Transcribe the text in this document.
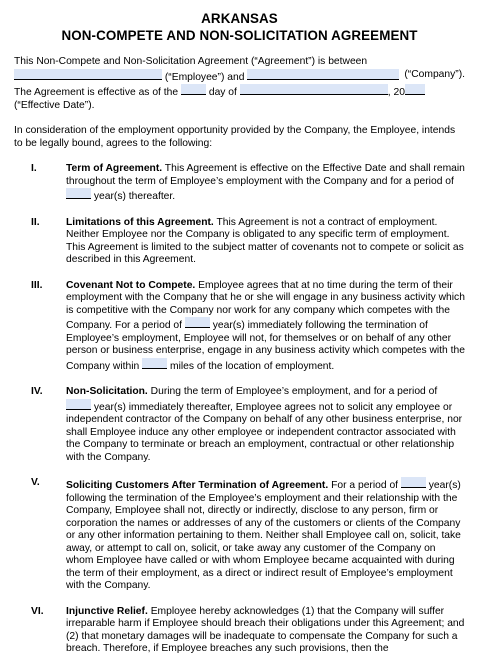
ARKANSAS
NON-COMPETE AND NON-SOLICITATION AGREEMENT

This Non-Compete and Non-Solicitation Agreement (“Agreement”) is between

(“Employee”) and	(“Company”).
The Agreement is effective as of the	day of	, 20

(“Effective Date”).

In consideration of the employment opportunity provided by the Company, the Employee, intends to be legally bound, agrees to the following:

I.	Term of Agreement. This Agreement is effective on the Effective Date and shall remain throughout the term of Employee’s employment with the Company and for a period of  year(s) thereafter.
II.	Limitations of this Agreement. This Agreement is not a contract of employment. Neither Employee nor the Company is obligated to any specific term of employment. This Agreement is limited to the subject matter of covenants not to compete or solicit as described in this Agreement.
III.	Covenant Not to Compete. Employee agrees that at no time during the term of their employment with the Company that he or she will engage in any business activity which is competitive with the Company nor work for any company which competes with the Company. For a period of  year(s) immediately following the termination of Employee’s employment, Employee will not, for themselves or on behalf of any other person or business enterprise, engage in any business activity which competes with the Company within  miles of the location of employment.
IV.	Non-Solicitation. During the term of Employee’s employment, and for a period of  year(s) immediately thereafter, Employee agrees not to solicit any employee or independent contractor of the Company on behalf of any other business enterprise, nor shall Employee induce any other employee or independent contractor associated with the Company to terminate or breach an employment, contractual or other relationship with the Company.
V.	Soliciting Customers After Termination of Agreement. For a period of  year(s) following the termination of the Employee’s employment and their relationship with the Company, Employee shall not, directly or indirectly, disclose to any person, firm or corporation the names or addresses of any of the customers or clients of the Company or any other information pertaining to them. Neither shall Employee call on, solicit, take away, or attempt to call on, solicit, or take away any customer of the Company on whom Employee have called or with whom Employee became acquainted with during the term of their employment, as a direct or indirect result of Employee’s employment with the Company.
VI.	Injunctive Relief. Employee hereby acknowledges (1) that the Company will suffer irreparable harm if Employee should breach their obligations under this Agreement; and (2) that monetary damages will be inadequate to compensate the Company for such a breach. Therefore, if Employee breaches any such provisions, then the
